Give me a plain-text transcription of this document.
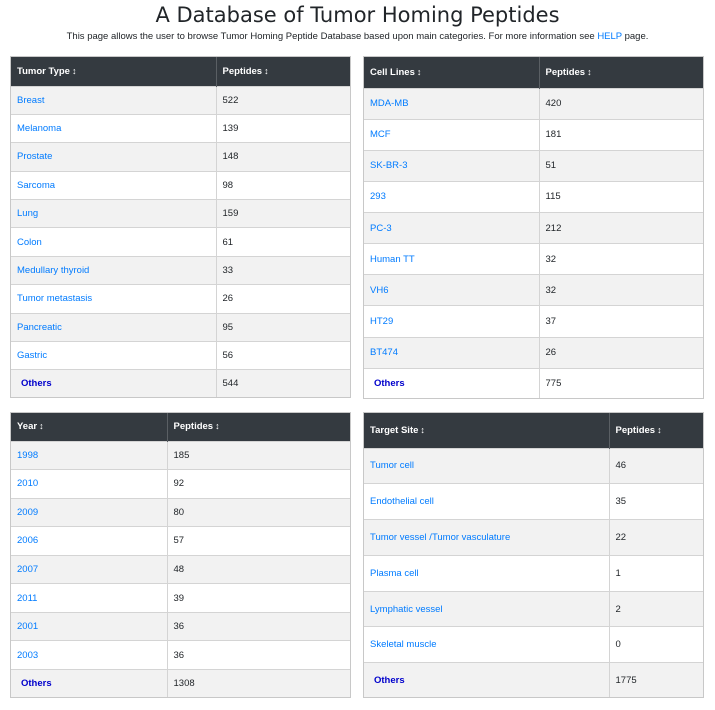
A Database of Tumor Homing Peptides

This page allows the user to browse Tumor Homing Peptide Database based upon main categories. For more information see HELP page.

Tumor Type ↕	Peptides ↕
Breast	522
Melanoma	139
Prostate	148
Sarcoma	98
Lung	159
Colon	61
Medullary thyroid	33
Tumor metastasis	26
Pancreatic	95
Gastric	56
Others	544
Cell Lines ↕	Peptides ↕
MDA-MB	420
MCF	181
SK-BR-3	51
293	115
PC-3	212
Human TT	32
VH6	32
HT29	37
BT474	26
Others	775
Year ↕	Peptides ↕
1998	185
2010	92
2009	80
2006	57
2007	48
2011	39
2001	36
2003	36
Others	1308
Target Site ↕	Peptides ↕
Tumor cell	46
Endothelial cell	35
Tumor vessel /Tumor vasculature	22
Plasma cell	1
Lymphatic vessel	2
Skeletal muscle	0
Others	1775
